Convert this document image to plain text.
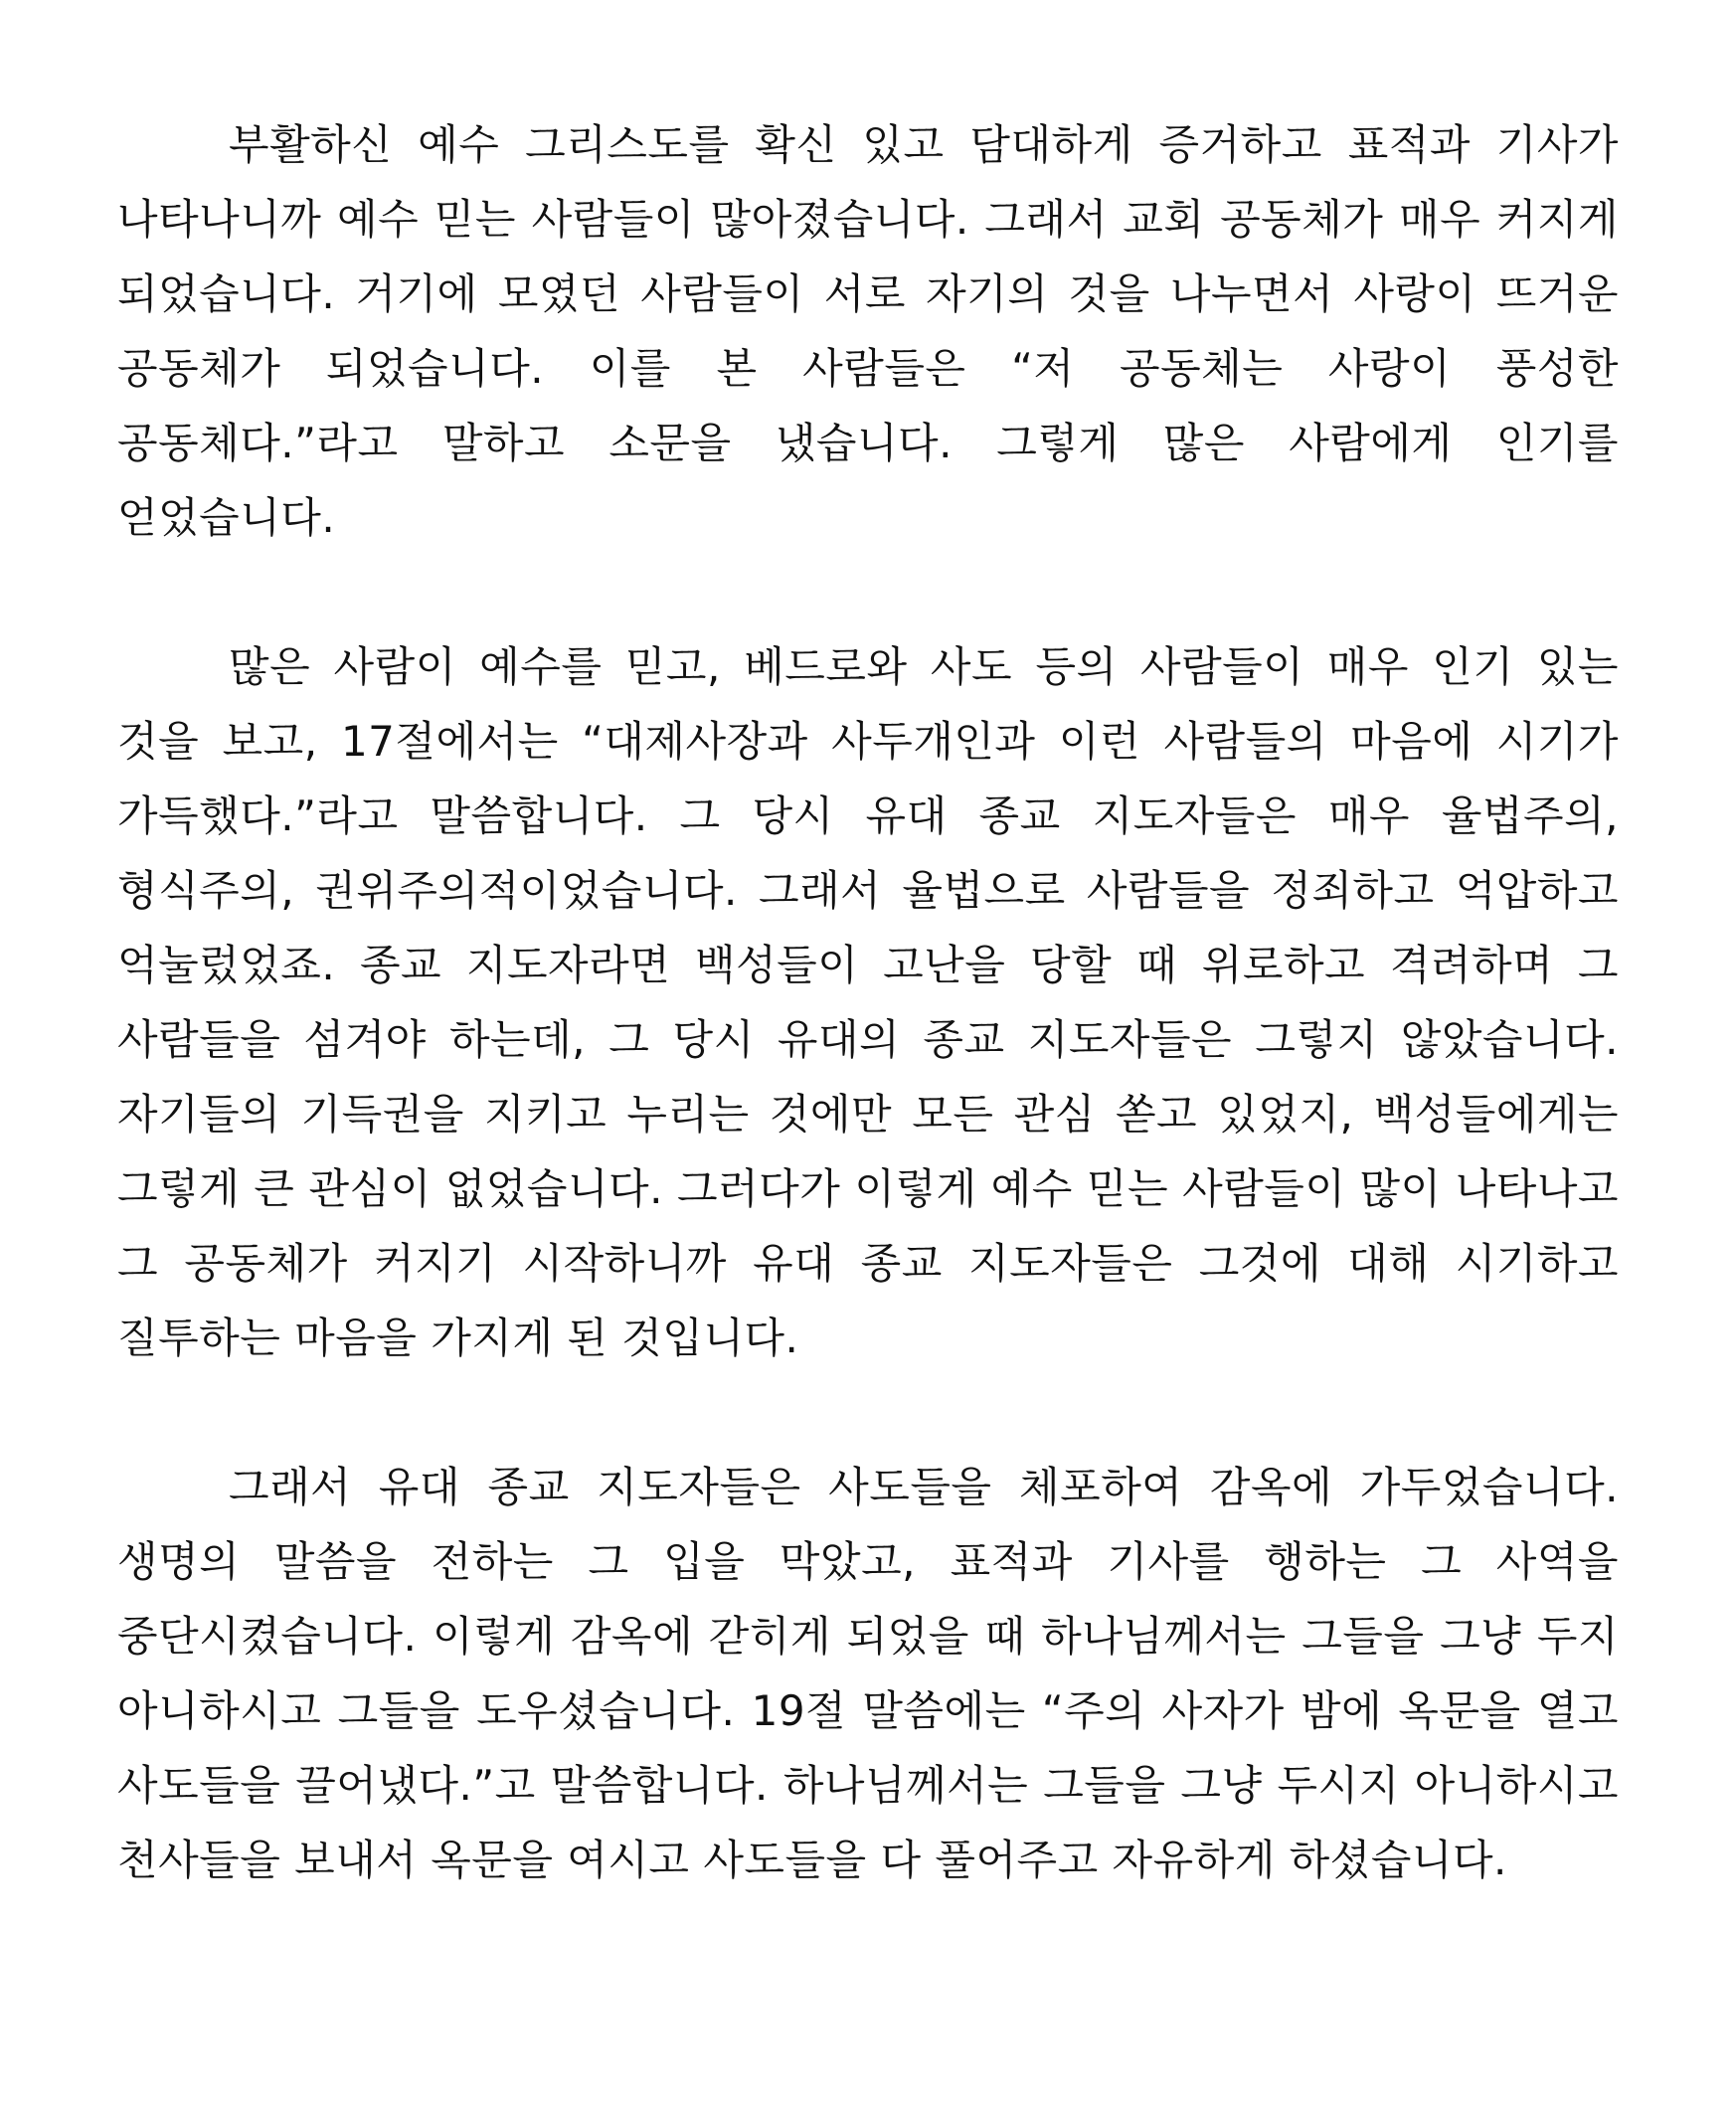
부활하신 예수 그리스도를 확신 있고 담대하게 증거하고 표적과 기사가 나타나니까 예수 믿는 사람들이 많아졌습니다. 그래서 교회 공동체가 매우 커지게 되었습니다. 거기에 모였던 사람들이 서로 자기의 것을 나누면서 사랑이 뜨거운 공동체가 되었습니다. 이를 본 사람들은 “저 공동체는 사랑이 풍성한 공동체다.”라고 말하고 소문을 냈습니다. 그렇게 많은 사람에게 인기를 얻었습니다.

많은 사람이 예수를 믿고, 베드로와 사도 등의 사람들이 매우 인기 있는 것을 보고, 17절에서는 “대제사장과 사두개인과 이런 사람들의 마음에 시기가 가득했다.”라고 말씀합니다. 그 당시 유대 종교 지도자들은 매우 율법주의, 형식주의, 권위주의적이었습니다. 그래서 율법으로 사람들을 정죄하고 억압하고 억눌렀었죠. 종교 지도자라면 백성들이 고난을 당할 때 위로하고 격려하며 그 사람들을 섬겨야 하는데, 그 당시 유대의 종교 지도자들은 그렇지 않았습니다. 자기들의 기득권을 지키고 누리는 것에만 모든 관심 쏟고 있었지, 백성들에게는 그렇게 큰 관심이 없었습니다. 그러다가 이렇게 예수 믿는 사람들이 많이 나타나고 그 공동체가 커지기 시작하니까 유대 종교 지도자들은 그것에 대해 시기하고 질투하는 마음을 가지게 된 것입니다.

그래서 유대 종교 지도자들은 사도들을 체포하여 감옥에 가두었습니다. 생명의 말씀을 전하는 그 입을 막았고, 표적과 기사를 행하는 그 사역을 중단시켰습니다. 이렇게 감옥에 갇히게 되었을 때 하나님께서는 그들을 그냥 두지 아니하시고 그들을 도우셨습니다. 19절 말씀에는 “주의 사자가 밤에 옥문을 열고 사도들을 끌어냈다.”고 말씀합니다. 하나님께서는 그들을 그냥 두시지 아니하시고 천사들을 보내서 옥문을 여시고 사도들을 다 풀어주고 자유하게 하셨습니다.
